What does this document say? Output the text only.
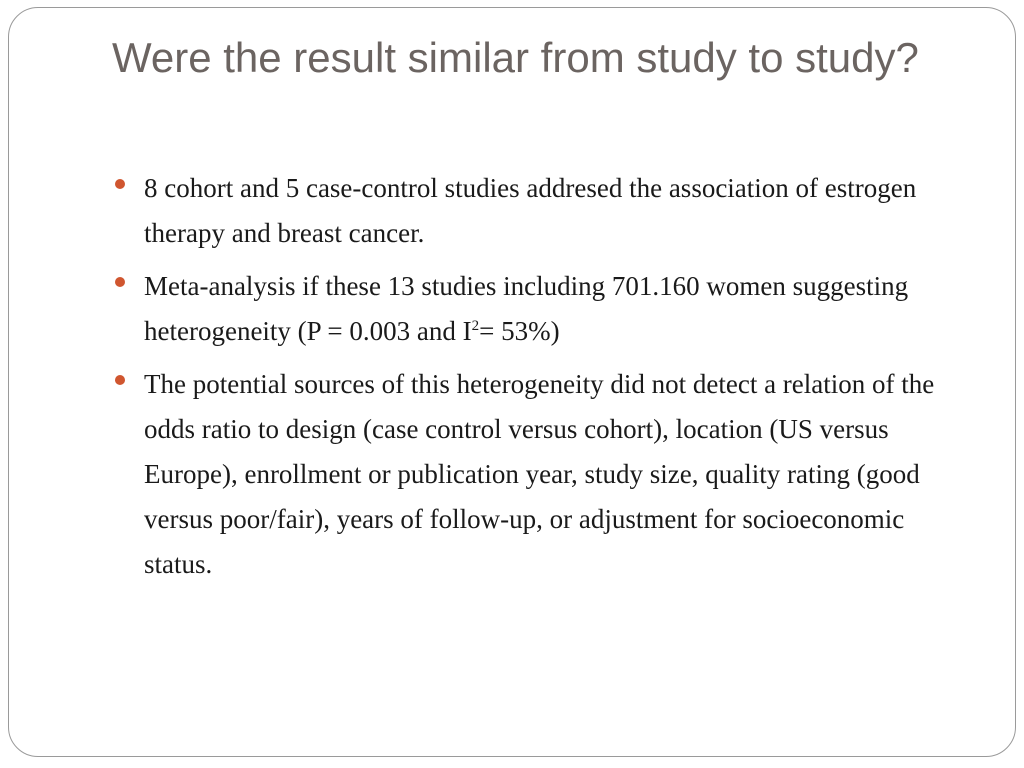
Were the result similar from study to study?
8 cohort and 5 case-control studies addresed the association of estrogen therapy and breast cancer.
Meta-analysis if these 13 studies including 701.160 women suggesting heterogeneity (P = 0.003 and $I^2= 53\%$)
The potential sources of this heterogeneity did not detect a relation of the odds ratio to design (case control versus cohort), location (US versus Europe), enrollment or publication year, study size, quality rating (good versus poor/fair), years of follow-up, or adjustment for socioeconomic status.
